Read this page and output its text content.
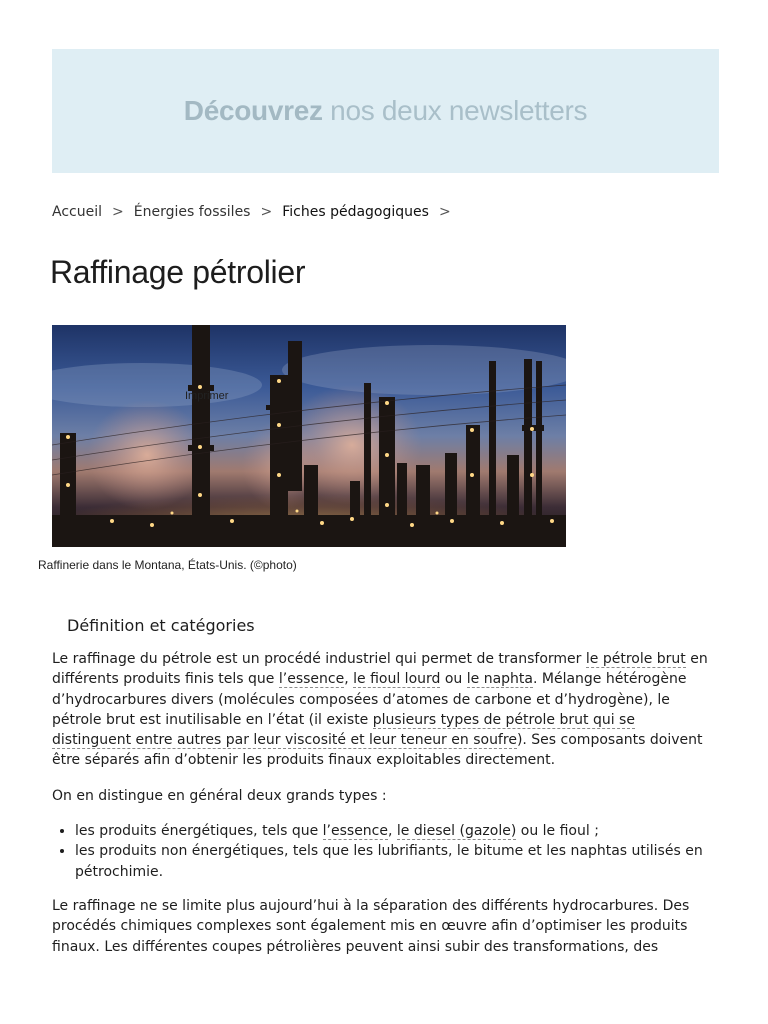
Découvrez nos deux newsletters
Accueil > Énergies fossiles > Fiches pédagogiques >
Raffinage pétrolier
Imprimer

Raffinerie dans le Montana, États-Unis. (©photo)

Définition et catégories

Le raffinage du pétrole est un procédé industriel qui permet de transformer le pétrole brut en différents produits finis tels que l’essence, le fioul lourd ou le naphta. Mélange hétérogène d’hydrocarbures divers (molécules composées d’atomes de carbone et d’hydrogène), le pétrole brut est inutilisable en l’état (il existe plusieurs types de pétrole brut qui se distinguent entre autres par leur viscosité et leur teneur en soufre). Ses composants doivent être séparés afin d’obtenir les produits finaux exploitables directement.

On en distingue en général deux grands types :

• les produits énergétiques, tels que l’essence, le diesel (gazole) ou le fioul ;
• les produits non énergétiques, tels que les lubrifiants, le bitume et les naphtas utilisés en pétrochimie.

Le raffinage ne se limite plus aujourd’hui à la séparation des différents hydrocarbures. Des procédés chimiques complexes sont également mis en œuvre afin d’optimiser les produits finaux. Les différentes coupes pétrolières peuvent ainsi subir des transformations, des
